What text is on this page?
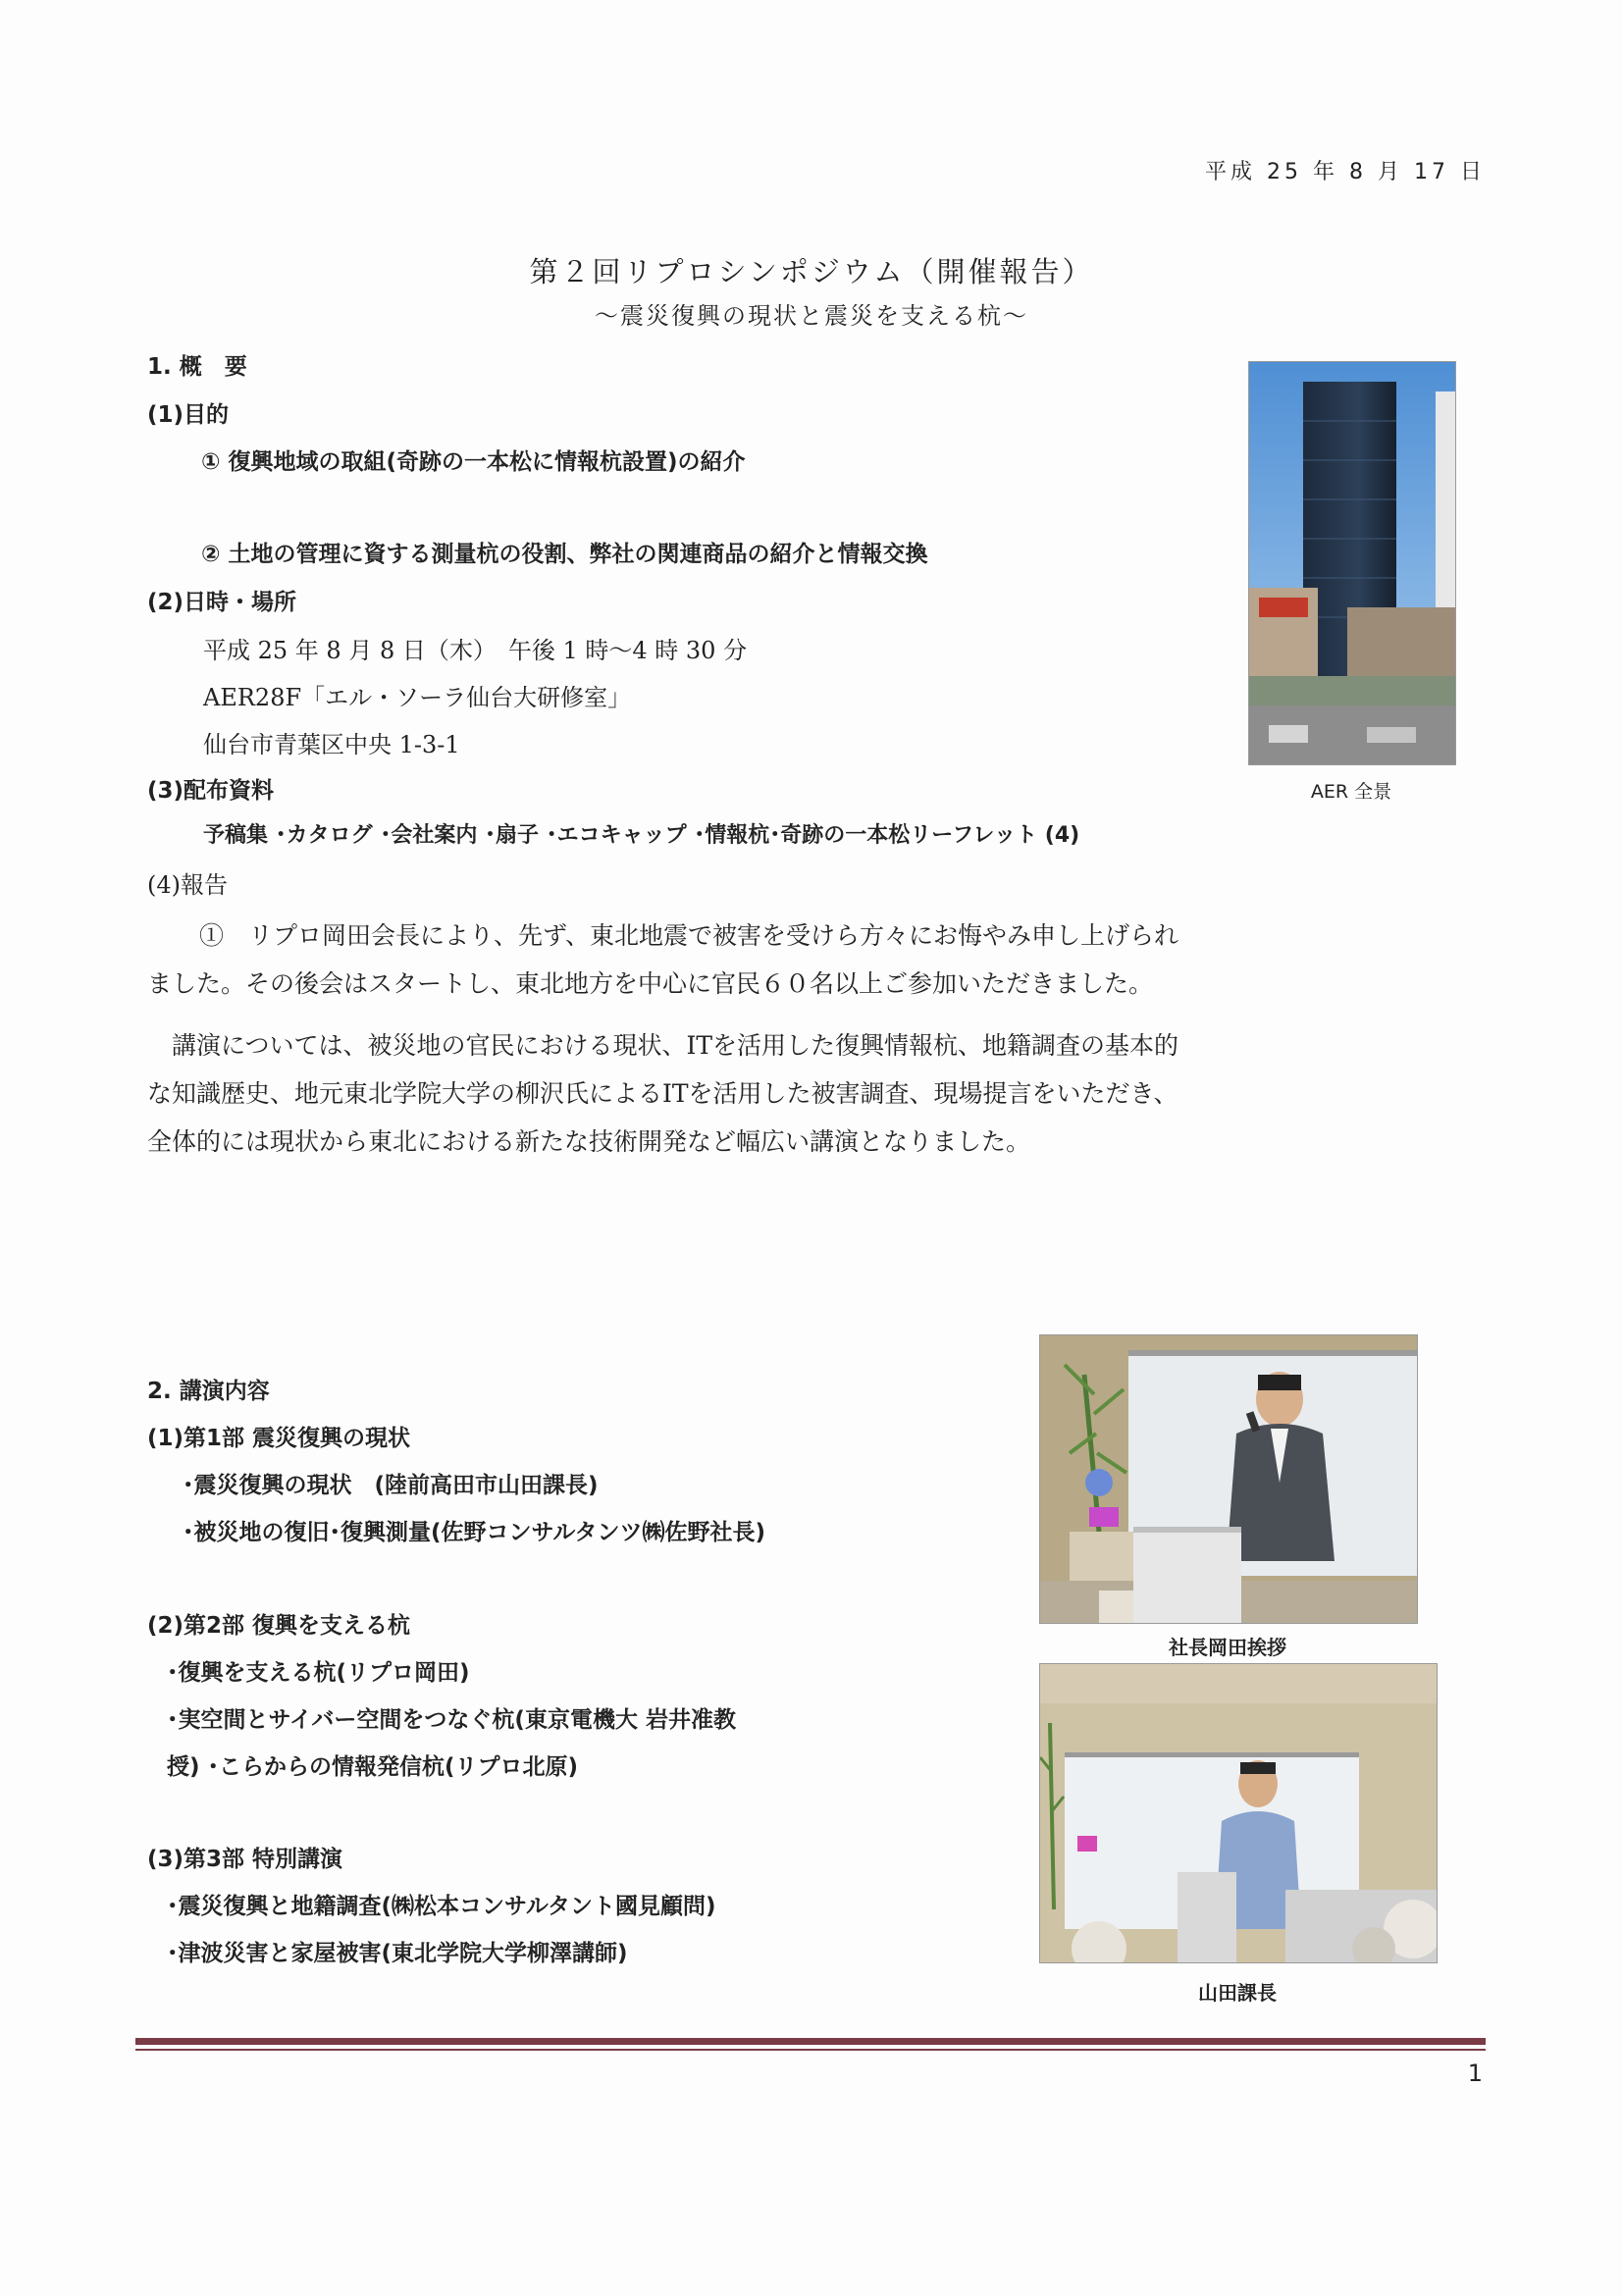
平成 25 年 8 月 17 日
第２回リプロシンポジウム（開催報告）
～震災復興の現状と震災を支える杭～
1. 概　要
(1)目的
① 復興地域の取組(奇跡の一本松に情報杭設置)の紹介
② 土地の管理に資する測量杭の役割、弊社の関連商品の紹介と情報交換
(2)日時・場所
平成 25 年 8 月 8 日（木）　午後 1 時～4 時 30 分
AER28F「エル・ソーラ仙台大研修室」
仙台市青葉区中央 1-3-1
(3)配布資料
予稿集 ･カタログ ･会社案内 ･扇子 ･エコキャップ ･情報杭･奇跡の一本松リーフレット (4)
(4)報告
①　リプロ岡田会長により、先ず、東北地震で被害を受けら方々にお悔やみ申し上げられ
ました。その後会はスタートし、東北地方を中心に官民６０名以上ご参加いただきました。
　講演については、被災地の官民における現状、ITを活用した復興情報杭、地籍調査の基本的
な知識歴史、地元東北学院大学の柳沢氏によるITを活用した被害調査、現場提言をいただき、
全体的には現状から東北における新たな技術開発など幅広い講演となりました。
AER 全景
2. 講演内容
(1)第1部 震災復興の現状
･震災復興の現状　(陸前高田市山田課長)
･被災地の復旧･復興測量(佐野コンサルタンツ㈱佐野社長)
(2)第2部 復興を支える杭
･復興を支える杭(リプロ岡田)
･実空間とサイバー空間をつなぐ杭(東京電機大 岩井准教
授) ･こらからの情報発信杭(リプロ北原)
(3)第3部 特別講演
･震災復興と地籍調査(㈱松本コンサルタント國見顧問)
･津波災害と家屋被害(東北学院大学柳澤講師)
社長岡田挨拶
山田課長
1
